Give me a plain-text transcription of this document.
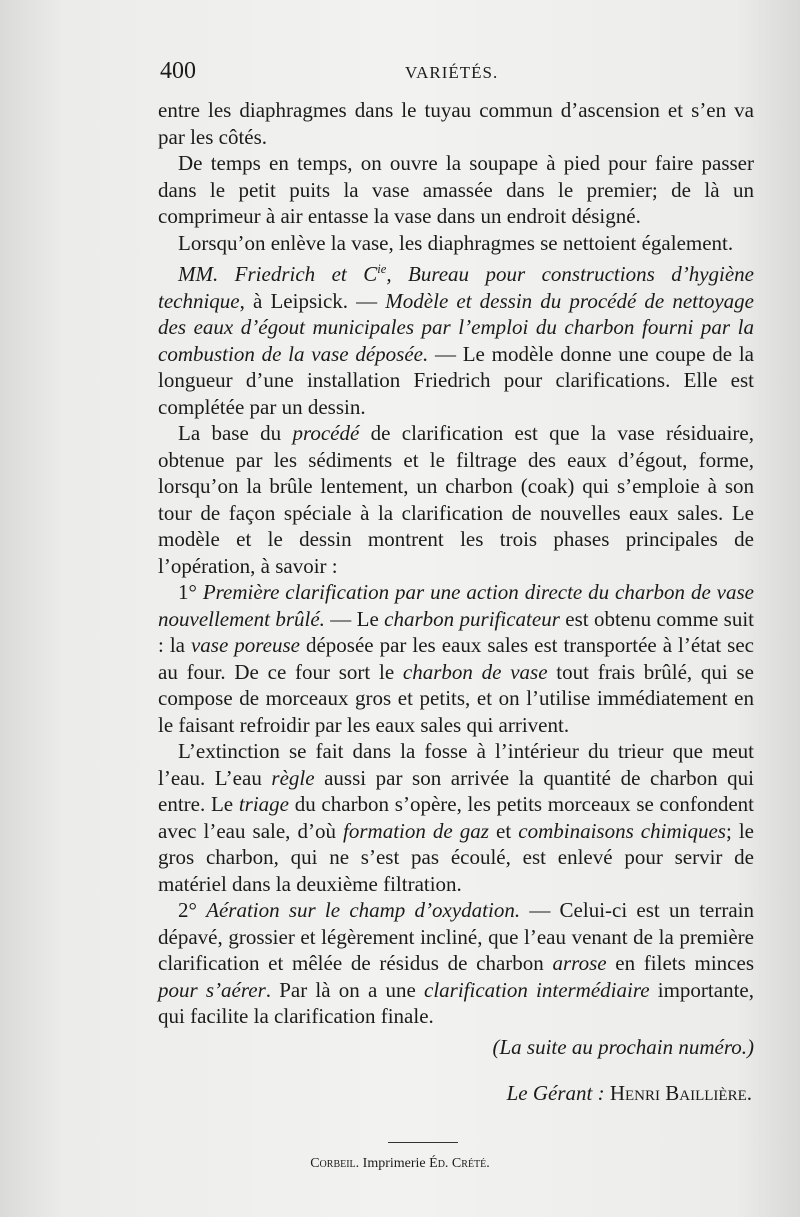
400	VARIÉTÉS.

entre les diaphragmes dans le tuyau commun d’ascension et s’en va par les côtés.

De temps en temps, on ouvre la soupape à pied pour faire passer dans le petit puits la vase amassée dans le premier; de là un comprimeur à air entasse la vase dans un endroit désigné.

Lorsqu’on enlève la vase, les diaphragmes se nettoient également.

MM. Friedrich et $C^{ie}$, Bureau pour constructions d’hygiène technique, à Leipsick. — Modèle et dessin du procédé de nettoyage des eaux d’égout municipales par l’emploi du charbon fourni par la combustion de la vase déposée. — Le modèle donne une coupe de la longueur d’une installation Friedrich pour clarifications. Elle est complétée par un dessin.

La base du procédé de clarification est que la vase résiduaire, obtenue par les sédiments et le filtrage des eaux d’égout, forme, lorsqu’on la brûle lentement, un charbon (coak) qui s’emploie à son tour de façon spéciale à la clarification de nouvelles eaux sales. Le modèle et le dessin montrent les trois phases principales de l’opération, à savoir :

1° Première clarification par une action directe du charbon de vase nouvellement brûlé. — Le charbon purificateur est obtenu comme suit : la vase poreuse déposée par les eaux sales est transportée à l’état sec au four. De ce four sort le charbon de vase tout frais brûlé, qui se compose de morceaux gros et petits, et on l’utilise immédiatement en le faisant refroidir par les eaux sales qui arrivent.

L’extinction se fait dans la fosse à l’intérieur du trieur que meut l’eau. L’eau règle aussi par son arrivée la quantité de charbon qui entre. Le triage du charbon s’opère, les petits morceaux se confondent avec l’eau sale, d’où formation de gaz et combinaisons chimiques; le gros charbon, qui ne s’est pas écoulé, est enlevé pour servir de matériel dans la deuxième filtration.

2° Aération sur le champ d’oxydation. — Celui-ci est un terrain dépavé, grossier et légèrement incliné, que l’eau venant de la première clarification et mêlée de résidus de charbon arrose en filets minces pour s’aérer. Par là on a une clarification intermédiaire importante, qui facilite la clarification finale.

(La suite au prochain numéro.)

Le Gérant : Henri Baillière.

Corbeil. Imprimerie Éd. Crété.
